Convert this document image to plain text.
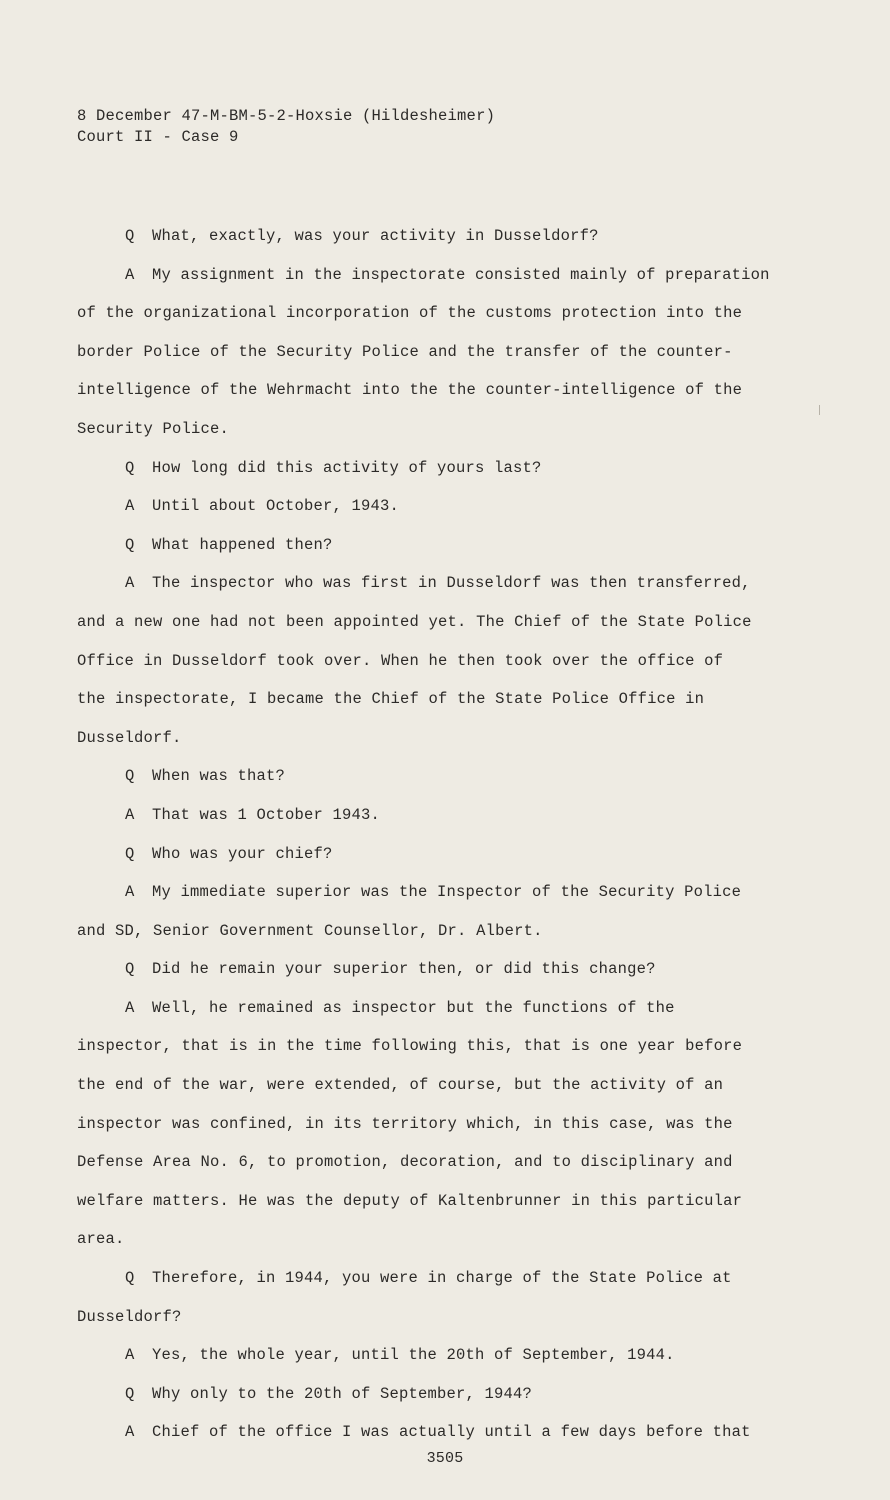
8 December 47-M-BM-5-2-Hoxsie (Hildesheimer)
Court II - Case 9
Q What, exactly, was your activity in Dusseldorf?
A My assignment in the inspectorate consisted mainly of preparation
of the organizational incorporation of the customs protection into the
border Police of the Security Police and the transfer of the counter-
intelligence of the Wehrmacht into the the counter-intelligence of the
Security Police.
Q How long did this activity of yours last?
A Until about October, 1943.
Q What happened then?
A The inspector who was first in Dusseldorf was then transferred,
and a new one had not been appointed yet. The Chief of the State Police
Office in Dusseldorf took over. When he then took over the office of
the inspectorate, I became the Chief of the State Police Office in
Dusseldorf.
Q When was that?
A That was 1 October 1943.
Q Who was your chief?
A My immediate superior was the Inspector of the Security Police
and SD, Senior Government Counsellor, Dr. Albert.
Q Did he remain your superior then, or did this change?
A Well, he remained as inspector but the functions of the
inspector, that is in the time following this, that is one year before
the end of the war, were extended, of course, but the activity of an
inspector was confined, in its territory which, in this case, was the
Defense Area No. 6, to promotion, decoration, and to disciplinary and
welfare matters. He was the deputy of Kaltenbrunner in this particular
area.
Q Therefore, in 1944, you were in charge of the State Police at
Dusseldorf?
A Yes, the whole year, until the 20th of September, 1944.
Q Why only to the 20th of September, 1944?
A Chief of the office I was actually until a few days before that
3505
